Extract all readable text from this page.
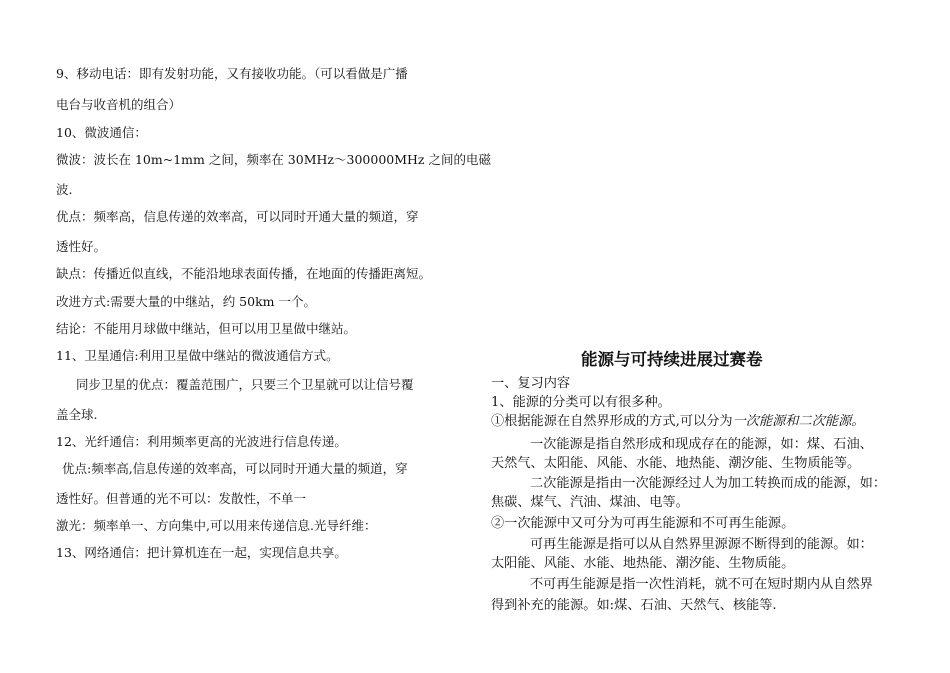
9、移动电话：即有发射功能，又有接收功能。（可以看做是广播
电台与收音机的组合）
10、微波通信：
微波：波长在 10m~1mm 之间，频率在 30MHz～300000MHz 之间的电磁
波.
优点：频率高，信息传递的效率高，可以同时开通大量的频道，穿
透性好。
缺点：传播近似直线，不能沿地球表面传播，在地面的传播距离短。
改进方式:需要大量的中继站，约 50km 一个。
结论：不能用月球做中继站，但可以用卫星做中继站。
11、卫星通信:利用卫星做中继站的微波通信方式。
同步卫星的优点：覆盖范围广，只要三个卫星就可以让信号覆
盖全球.
12、光纤通信：利用频率更高的光波进行信息传递。
优点:频率高,信息传递的效率高，可以同时开通大量的频道，穿
透性好。但普通的光不可以：发散性，不单一
激光：频率单一、方向集中,可以用来传递信息.光导纤维：
13、网络通信：把计算机连在一起，实现信息共享。
能源与可持续进展过赛卷
一、复习内容
1、能源的分类可以有很多种。
①根据能源在自然界形成的方式,可以分为一次能源和二次能源。
一次能源是指自然形成和现成存在的能源，如：煤、石油、
天然气、太阳能、风能、水能、地热能、潮汐能、生物质能等。
二次能源是指由一次能源经过人为加工转换而成的能源，如：
焦碳、煤气、汽油、煤油、电等。
②一次能源中又可分为可再生能源和不可再生能源。
可再生能源是指可以从自然界里源源不断得到的能源。如：
太阳能、风能、水能、地热能、潮汐能、生物质能。
不可再生能源是指一次性消耗，就不可在短时期内从自然界
得到补充的能源。如:煤、石油、天然气、核能等.
